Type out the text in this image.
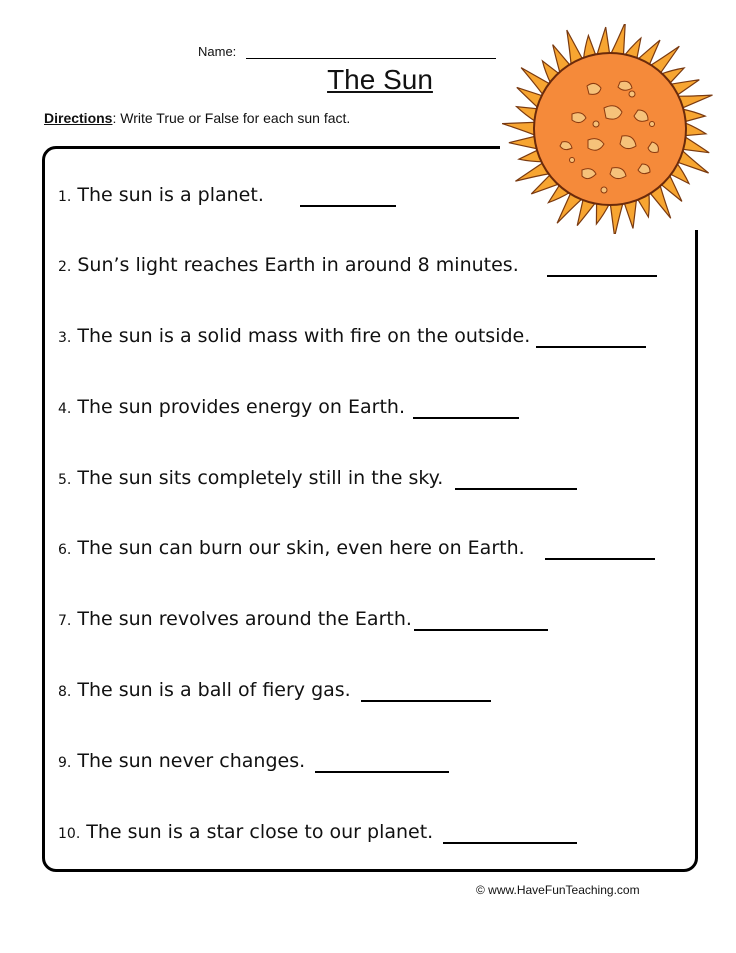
Name:
The Sun
Directions: Write True or False for each sun fact.
1. The sun is a planet.
2. Sun’s light reaches Earth in around 8 minutes.
3. The sun is a solid mass with fire on the outside.
4. The sun provides energy on Earth.
5. The sun sits completely still in the sky.
6. The sun can burn our skin, even here on Earth.
7. The sun revolves around the Earth.
8. The sun is a ball of fiery gas.
9. The sun never changes.
10. The sun is a star close to our planet.
© www.HaveFunTeaching.com
